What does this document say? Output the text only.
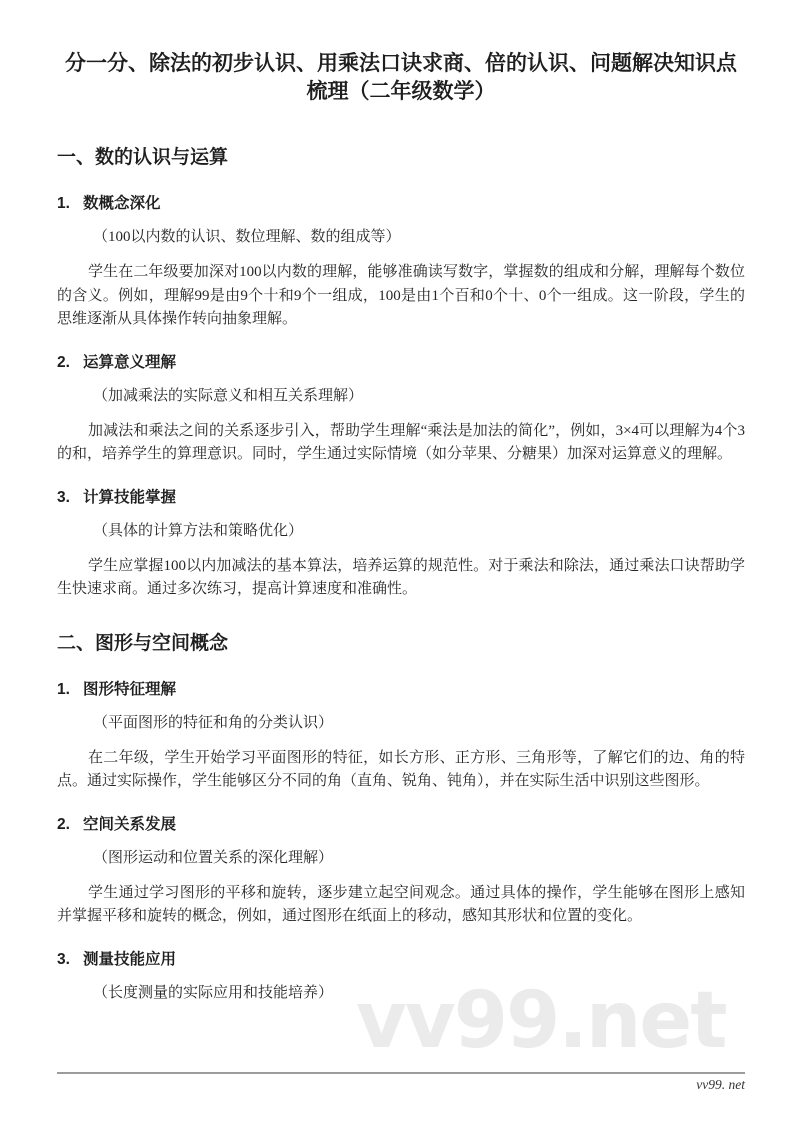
vv99.net
分一分、除法的初步认识、用乘法口诀求商、倍的认识、问题解决知识点梳理（二年级数学）
一、数的认识与运算
1. 数概念深化
（100以内数的认识、数位理解、数的组成等）

学生在二年级要加深对100以内数的理解，能够准确读写数字，掌握数的组成和分解，理解每个数位的含义。例如，理解99是由9个十和9个一组成，100是由1个百和0个十、0个一组成。这一阶段，学生的思维逐渐从具体操作转向抽象理解。

2. 运算意义理解
（加减乘法的实际意义和相互关系理解）

加减法和乘法之间的关系逐步引入，帮助学生理解“乘法是加法的简化”，例如，3×4可以理解为4个3的和，培养学生的算理意识。同时，学生通过实际情境（如分苹果、分糖果）加深对运算意义的理解。

3. 计算技能掌握
（具体的计算方法和策略优化）

学生应掌握100以内加减法的基本算法，培养运算的规范性。对于乘法和除法，通过乘法口诀帮助学生快速求商。通过多次练习，提高计算速度和准确性。

二、图形与空间概念
1. 图形特征理解
（平面图形的特征和角的分类认识）

在二年级，学生开始学习平面图形的特征，如长方形、正方形、三角形等，了解它们的边、角的特点。通过实际操作，学生能够区分不同的角（直角、锐角、钝角），并在实际生活中识别这些图形。

2. 空间关系发展
（图形运动和位置关系的深化理解）

学生通过学习图形的平移和旋转，逐步建立起空间观念。通过具体的操作，学生能够在图形上感知并掌握平移和旋转的概念，例如，通过图形在纸面上的移动，感知其形状和位置的变化。

3. 测量技能应用
（长度测量的实际应用和技能培养）
vv99. net
